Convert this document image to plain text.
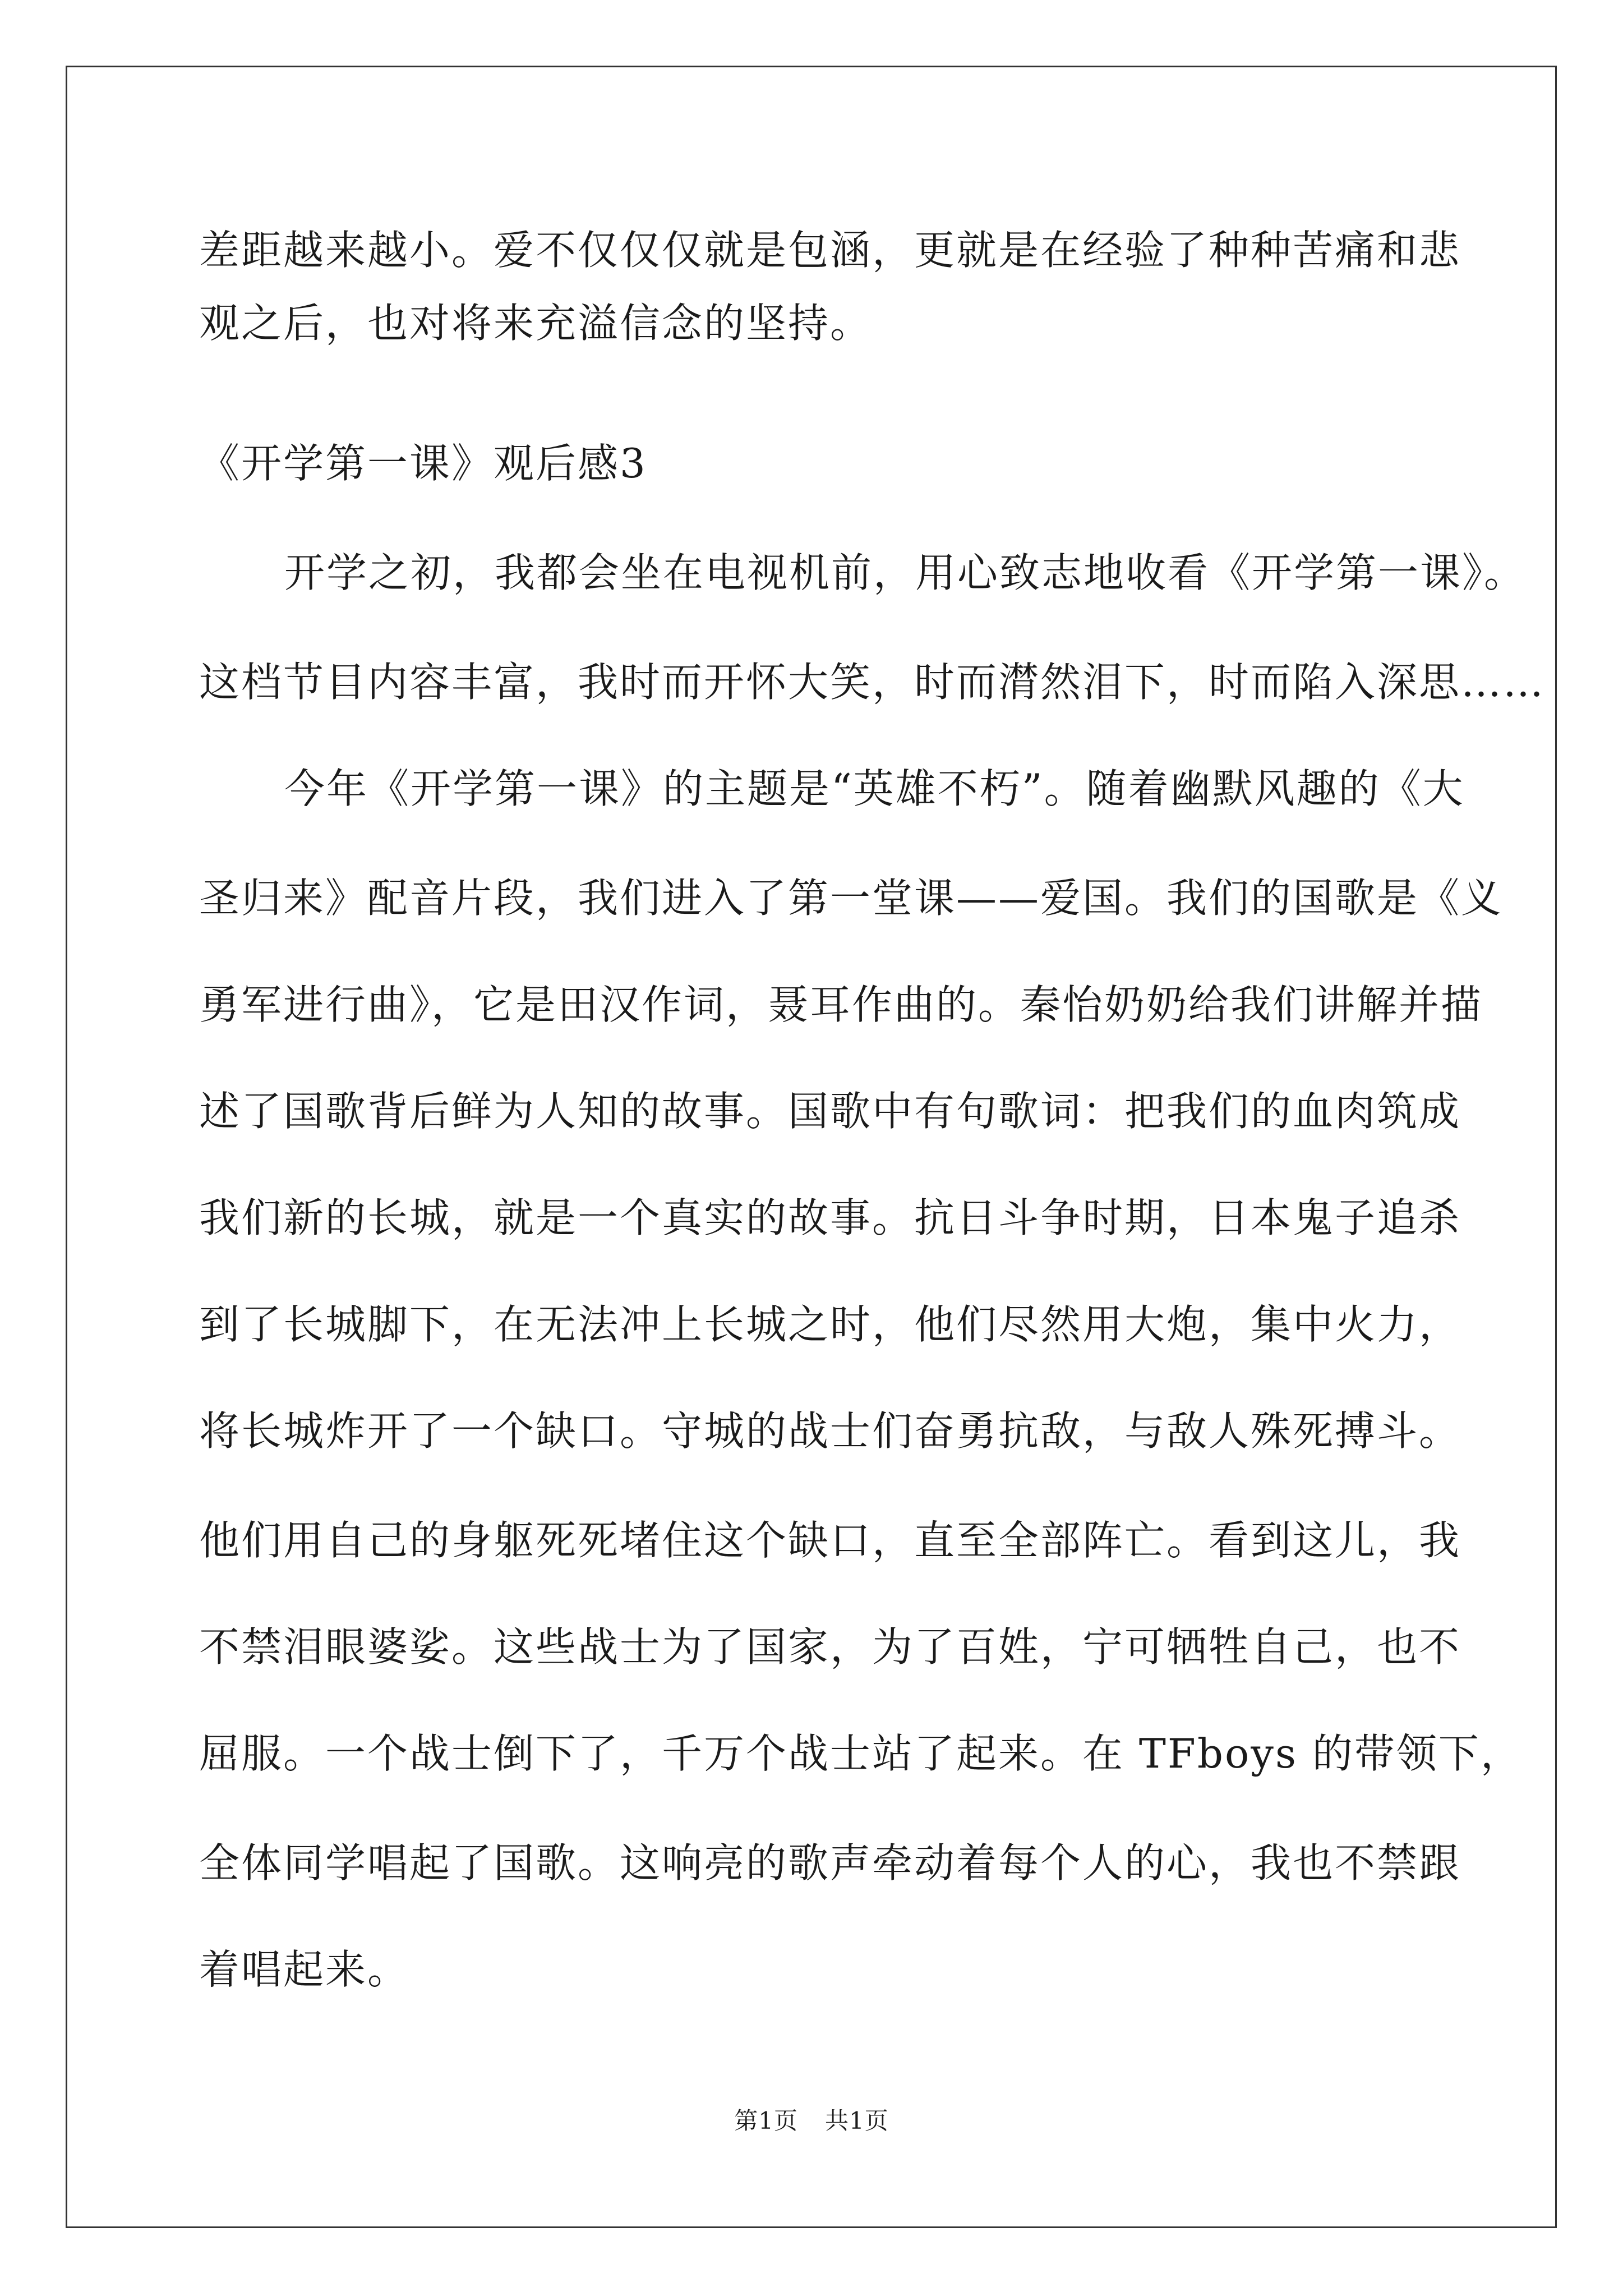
差距越来越小。爱不仅仅仅就是包涵，更就是在经验了种种苦痛和悲
观之后，也对将来充溢信念的坚持。
《开学第一课》观后感3
开学之初，我都会坐在电视机前，用心致志地收看《开学第一课》。
这档节目内容丰富，我时而开怀大笑，时而潸然泪下，时而陷入深思……
今年《开学第一课》的主题是“英雄不朽”。随着幽默风趣的《大
圣归来》配音片段，我们进入了第一堂课——爱国。我们的国歌是《义
勇军进行曲》，它是田汉作词，聂耳作曲的。秦怡奶奶给我们讲解并描
述了国歌背后鲜为人知的故事。国歌中有句歌词：把我们的血肉筑成
我们新的长城，就是一个真实的故事。抗日斗争时期，日本鬼子追杀
到了长城脚下，在无法冲上长城之时，他们尽然用大炮，集中火力，
将长城炸开了一个缺口。守城的战士们奋勇抗敌，与敌人殊死搏斗。
他们用自己的身躯死死堵住这个缺口，直至全部阵亡。看到这儿，我
不禁泪眼婆娑。这些战士为了国家，为了百姓，宁可牺牲自己，也不
屈服。一个战士倒下了，千万个战士站了起来。在 TFboys 的带领下，
全体同学唱起了国歌。这响亮的歌声牵动着每个人的心，我也不禁跟
着唱起来。
第1页 共1页
